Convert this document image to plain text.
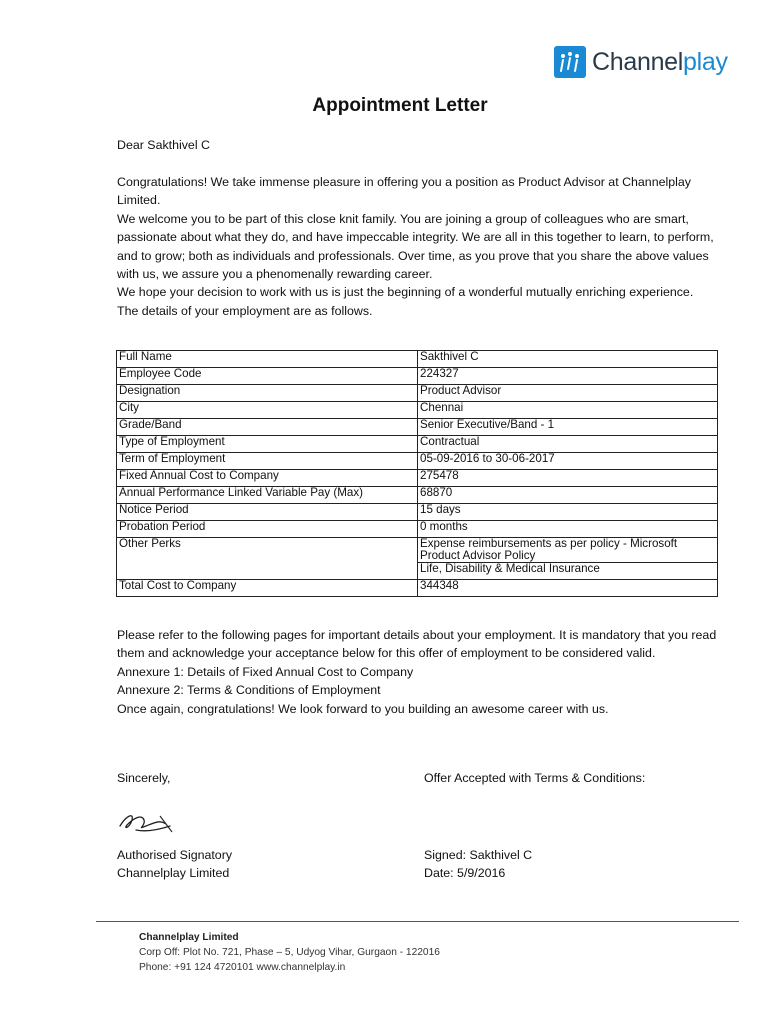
Channelplay
Appointment Letter
Dear Sakthivel C

Congratulations! We take immense pleasure in offering you a position as Product Advisor at Channelplay Limited.

We welcome you to be part of this close knit family. You are joining a group of colleagues who are smart, passionate about what they do, and have impeccable integrity. We are all in this together to learn, to perform, and to grow; both as individuals and professionals. Over time, as you prove that you share the above values with us, we assure you a phenomenally rewarding career.

We hope your decision to work with us is just the beginning of a wonderful mutually enriching experience.

The details of your employment are as follows.

Full Name	Sakthivel C
Employee Code	224327
Designation	Product Advisor
City	Chennai
Grade/Band	Senior Executive/Band - 1
Type of Employment	Contractual
Term of Employment	05-09-2016 to 30-06-2017
Fixed Annual Cost to Company	275478
Annual Performance Linked Variable Pay (Max)	68870
Notice Period	15 days
Probation Period	0 months
Other Perks	Expense reimbursements as per policy - Microsoft Product Advisor Policy
	Life, Disability & Medical Insurance
Total Cost to Company	344348

Please refer to the following pages for important details about your employment. It is mandatory that you read them and acknowledge your acceptance below for this offer of employment to be considered valid.

Annexure 1: Details of Fixed Annual Cost to Company

Annexure 2: Terms & Conditions of Employment

Once again, congratulations! We look forward to you building an awesome career with us.

Sincerely,	Offer Accepted with Terms & Conditions:
Authorised Signatory
Channelplay Limited
Signed: Sakthivel C
Date: 5/9/2016
Channelplay Limited
Corp Off: Plot No. 721, Phase – 5, Udyog Vihar, Gurgaon - 122016
Phone: +91 124 4720101 www.channelplay.in
